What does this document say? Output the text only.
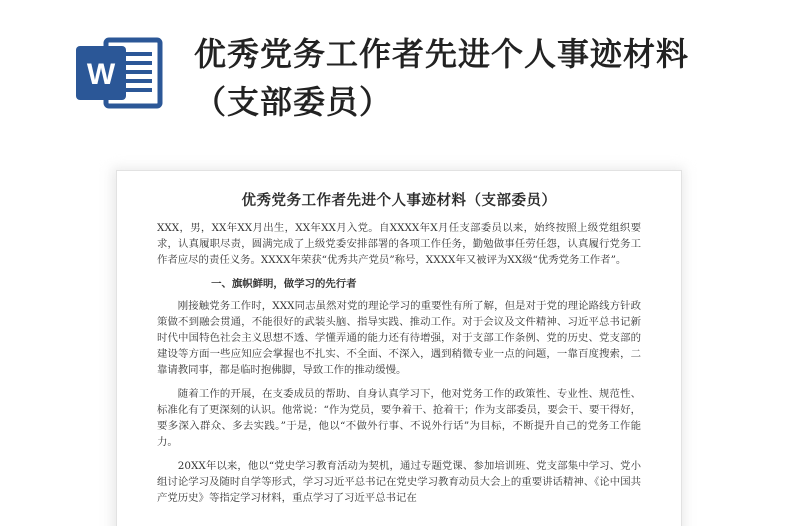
W
优秀党务工作者先进个人事迹材料（支部委员）
优秀党务工作者先进个人事迹材料（支部委员）

XXX，男，XX年XX月出生，XX年XX月入党。自XXXX年X月任支部委员以来，始终按照上级党组织要求，认真履职尽责，圆满完成了上级党委安排部署的各项工作任务，勤勉做事任劳任怨，认真履行党务工作者应尽的责任义务。XXXX年荣获“优秀共产党员”称号，XXXX年又被评为XX级“优秀党务工作者”。

一、旗帜鲜明，做学习的先行者

刚接触党务工作时，XXX同志虽然对党的理论学习的重要性有所了解，但是对于党的理论路线方针政策做不到融会贯通，不能很好的武装头脑、指导实践、推动工作。对于会议及文件精神、习近平总书记新时代中国特色社会主义思想不透、学懂弄通的能力还有待增强，对于支部工作条例、党的历史、党支部的建设等方面一些应知应会掌握也不扎实、不全面、不深入，遇到稍微专业一点的问题，一靠百度搜索，二靠请教同事，都是临时抱佛脚，导致工作的推动缓慢。

随着工作的开展，在支委成员的帮助、自身认真学习下，他对党务工作的政策性、专业性、规范性、标准化有了更深刻的认识。他常说：“作为党员，要争着干、抢着干；作为支部委员，要会干、要干得好，要多深入群众、多去实践。”于是，他以“不做外行事、不说外行话”为目标，不断提升自己的党务工作能力。

20XX年以来，他以“党史学习教育活动为契机，通过专题党课、参加培训班、党支部集中学习、党小组讨论学习及随时自学等形式，学习习近平总书记在党史学习教育动员大会上的重要讲话精神、《论中国共产党历史》等指定学习材料，重点学习了习近平总书记在
